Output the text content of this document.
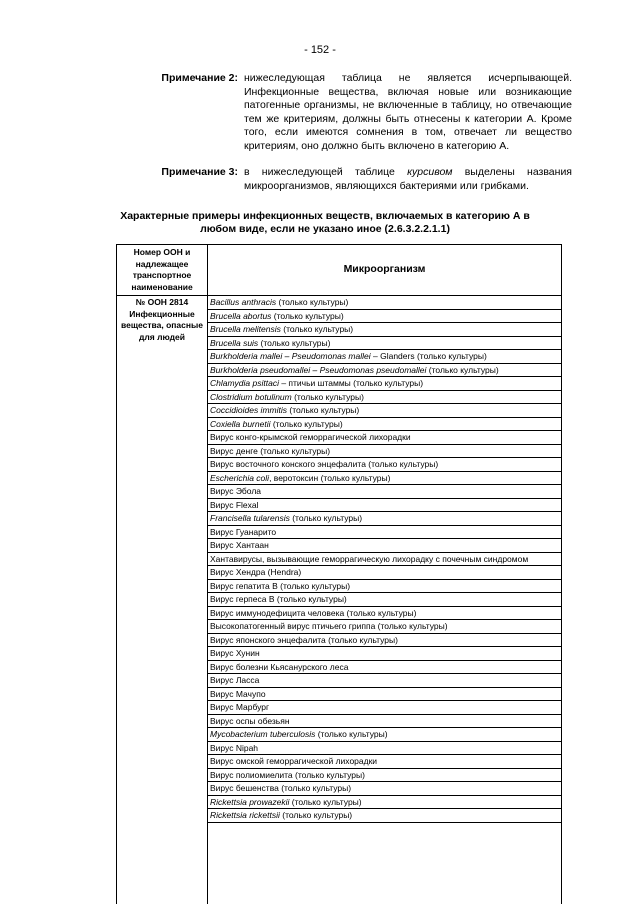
- 152 -
Примечание 2: нижеследующая таблица не является исчерпывающей. Инфекционные вещества, включая новые или возникающие патогенные организмы, не включенные в таблицу, но отвечающие тем же критериям, должны быть отнесены к категории А. Кроме того, если имеются сомнения в том, отвечает ли вещество критериям, оно должно быть включено в категорию А.
Примечание 3: в нижеследующей таблице курсивом выделены названия микроорганизмов, являющихся бактериями или грибками.
Характерные примеры инфекционных веществ, включаемых в категорию А в любом виде, если не указано иное (2.6.3.2.2.1.1)
Номер ООН и надлежащее транспортное наименование
Микроорганизм
№ ООН 2814 Инфекционные вещества, опасные для людей
Bacillus anthracis (только культуры)
Brucella abortus (только культуры)
Brucella melitensis (только культуры)
Brucella suis (только культуры)
Burkholderia mallei – Pseudomonas mallei – Glanders (только культуры)
Burkholderia pseudomallei – Pseudomonas pseudomallei (только культуры)
Chlamydia psittaci – птичьи штаммы (только культуры)
Clostridium botulinum (только культуры)
Coccidioides immitis (только культуры)
Coxiella burnetii (только культуры)
Вирус конго-крымской геморрагической лихорадки
Вирус денге (только культуры)
Вирус восточного конского энцефалита (только культуры)
Escherichia coli, веротоксин (только культуры)
Вирус Эбола
Вирус Flexal
Francisella tularensis (только культуры)
Вирус Гуанарито
Вирус Хантаан
Хантавирусы, вызывающие геморрагическую лихорадку с почечным синдромом
Вирус Хендра (Hendra)
Вирус гепатита В (только культуры)
Вирус герпеса В (только культуры)
Вирус иммунодефицита человека (только культуры)
Высокопатогенный вирус птичьего гриппа (только культуры)
Вирус японского энцефалита (только культуры)
Вирус Хунин
Вирус болезни Кьясанурского леса
Вирус Ласса
Вирус Мачупо
Вирус Марбург
Вирус оспы обезьян
Mycobacterium tuberculosis (только культуры)
Вирус Nipah
Вирус омской геморрагической лихорадки
Вирус полиомиелита (только культуры)
Вирус бешенства (только культуры)
Rickettsia prowazekii (только культуры)
Rickettsia rickettsii (только культуры)
